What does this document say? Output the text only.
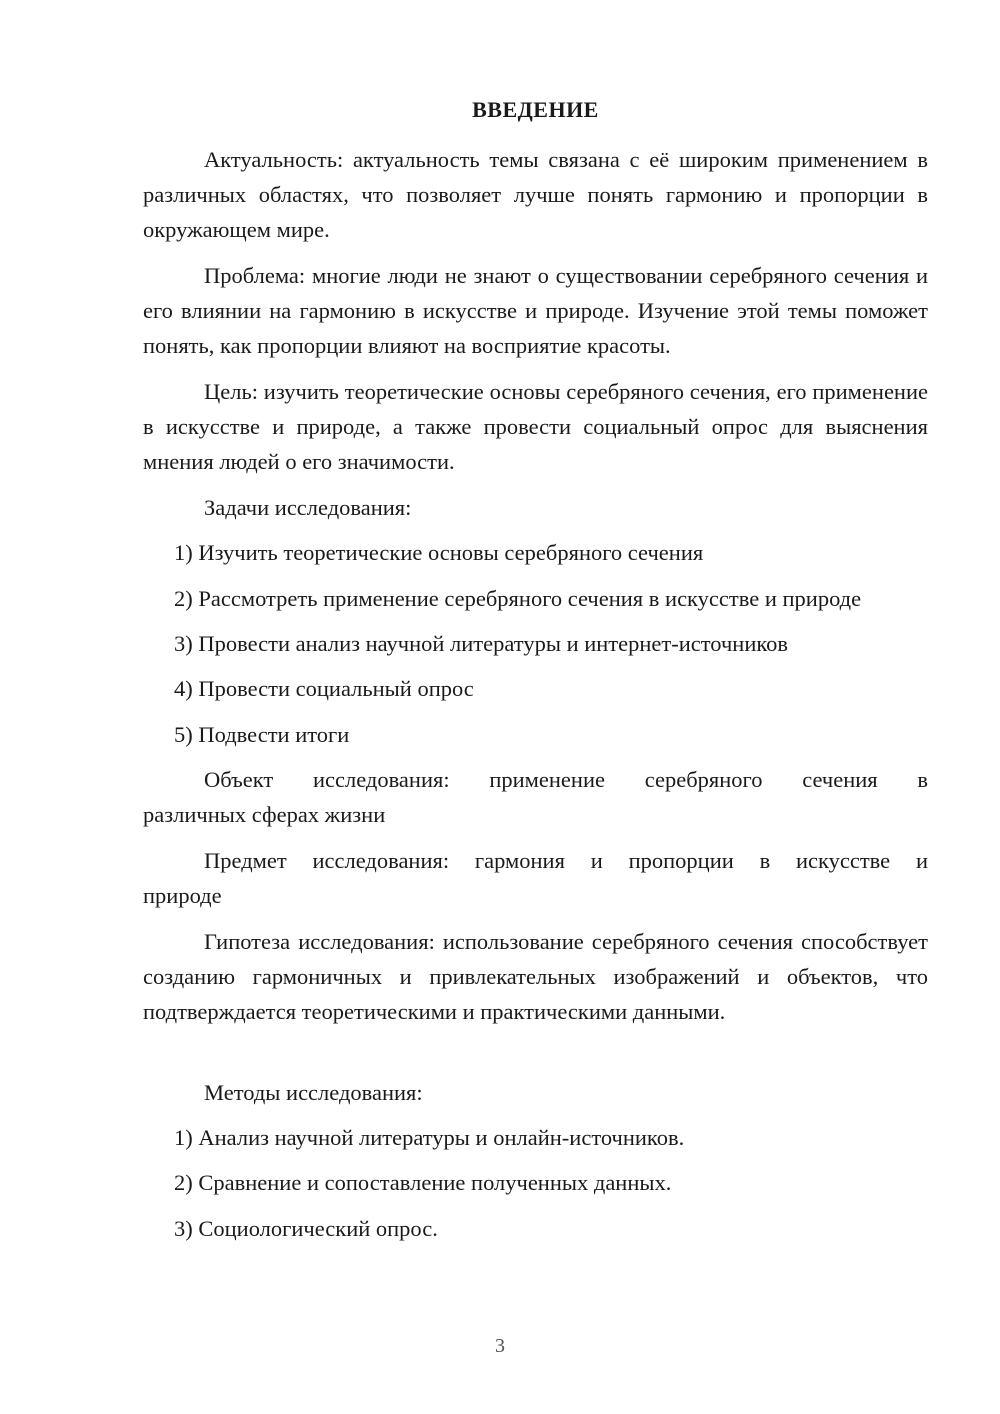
ВВЕДЕНИЕ
Актуальность: актуальность темы связана с её широким применением в различных областях, что позволяет лучше понять гармонию и пропорции в окружающем мире.
Проблема: многие люди не знают о существовании серебряного сечения и его влиянии на гармонию в искусстве и природе. Изучение этой темы поможет понять, как пропорции влияют на восприятие красоты.
Цель: изучить теоретические основы серебряного сечения, его применение в искусстве и природе, а также провести социальный опрос для выяснения мнения людей о его значимости.
Задачи исследования:
1) Изучить теоретические основы серебряного сечения
2) Рассмотреть применение серебряного сечения в искусстве и природе
3) Провести анализ научной литературы и интернет-источников
4) Провести социальный опрос
5) Подвести итоги
Объект исследования: применение серебряного сечения в
различных сферах жизни
Предмет исследования: гармония и пропорции в искусстве и
природе
Гипотеза исследования: использование серебряного сечения способствует созданию гармоничных и привлекательных изображений и объектов, что подтверждается теоретическими и практическими данными.
Методы исследования:
1) Анализ научной литературы и онлайн-источников.
2) Сравнение и сопоставление полученных данных.
3) Социологический опрос.
3
